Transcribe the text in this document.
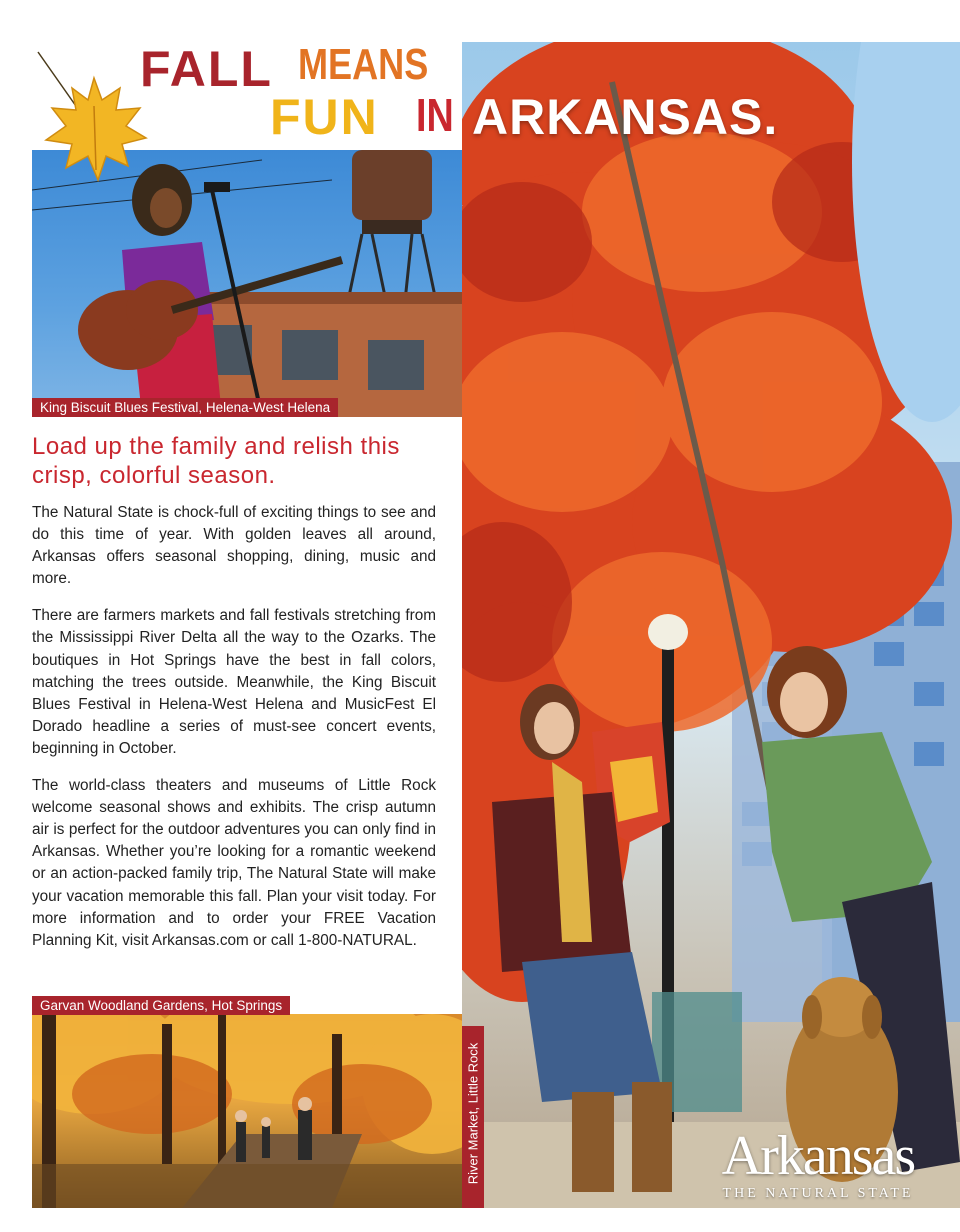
FALL MEANS
FUN IN ARKANSAS.
King Biscuit Blues Festival, Helena-West Helena
Load up the family and relish this crisp, colorful season.

The Natural State is chock-full of exciting things to see and do this time of year. With golden leaves all around, Arkansas offers seasonal shopping, dining, music and more.

There are farmers markets and fall festivals stretching from the Mississippi River Delta all the way to the Ozarks. The boutiques in Hot Springs have the best in fall colors, matching the trees outside. Meanwhile, the King Biscuit Blues Festival in Helena-West Helena and MusicFest El Dorado headline a series of must-see concert events, beginning in October.

The world-class theaters and museums of Little Rock welcome seasonal shows and exhibits. The crisp autumn air is perfect for the outdoor adventures you can only find in Arkansas. Whether you’re looking for a romantic weekend or an action-packed family trip, The Natural State will make your vacation memorable this fall. Plan your visit today. For more information and to order your FREE Vacation Planning Kit, visit Arkansas.com or call 1-800-NATURAL.

Garvan Woodland Gardens, Hot Springs
River Market, Little Rock	Arkansas
THE NATURAL STATE
